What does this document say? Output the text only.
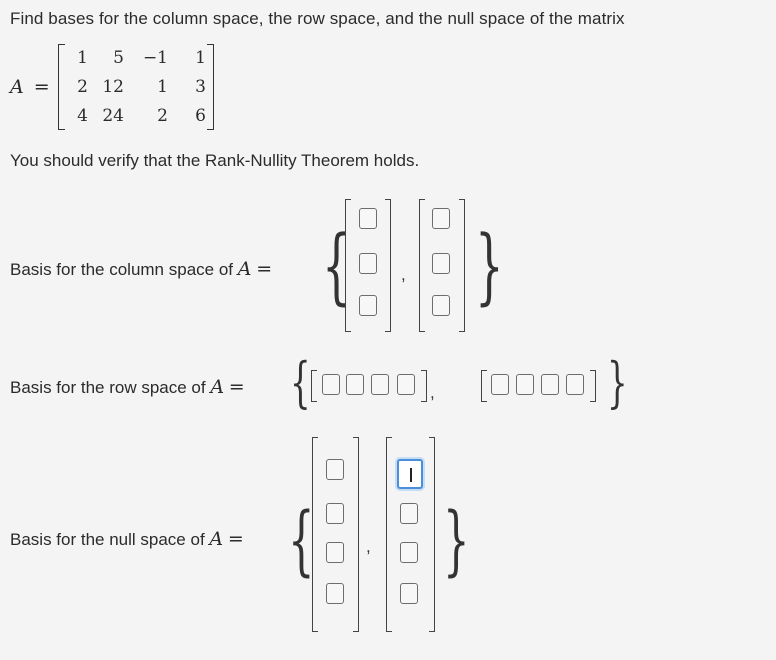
Find bases for the column space, the row space, and the null space of the matrix
A =
1	5 −1	1
2 12	1	3
4 24	2	6
You should verify that the Rank-Nullity Theorem holds.
Basis for the column space of A = {	, }
Basis for the row space of A = {	,	}
Basis for the null space of A = {	, }
